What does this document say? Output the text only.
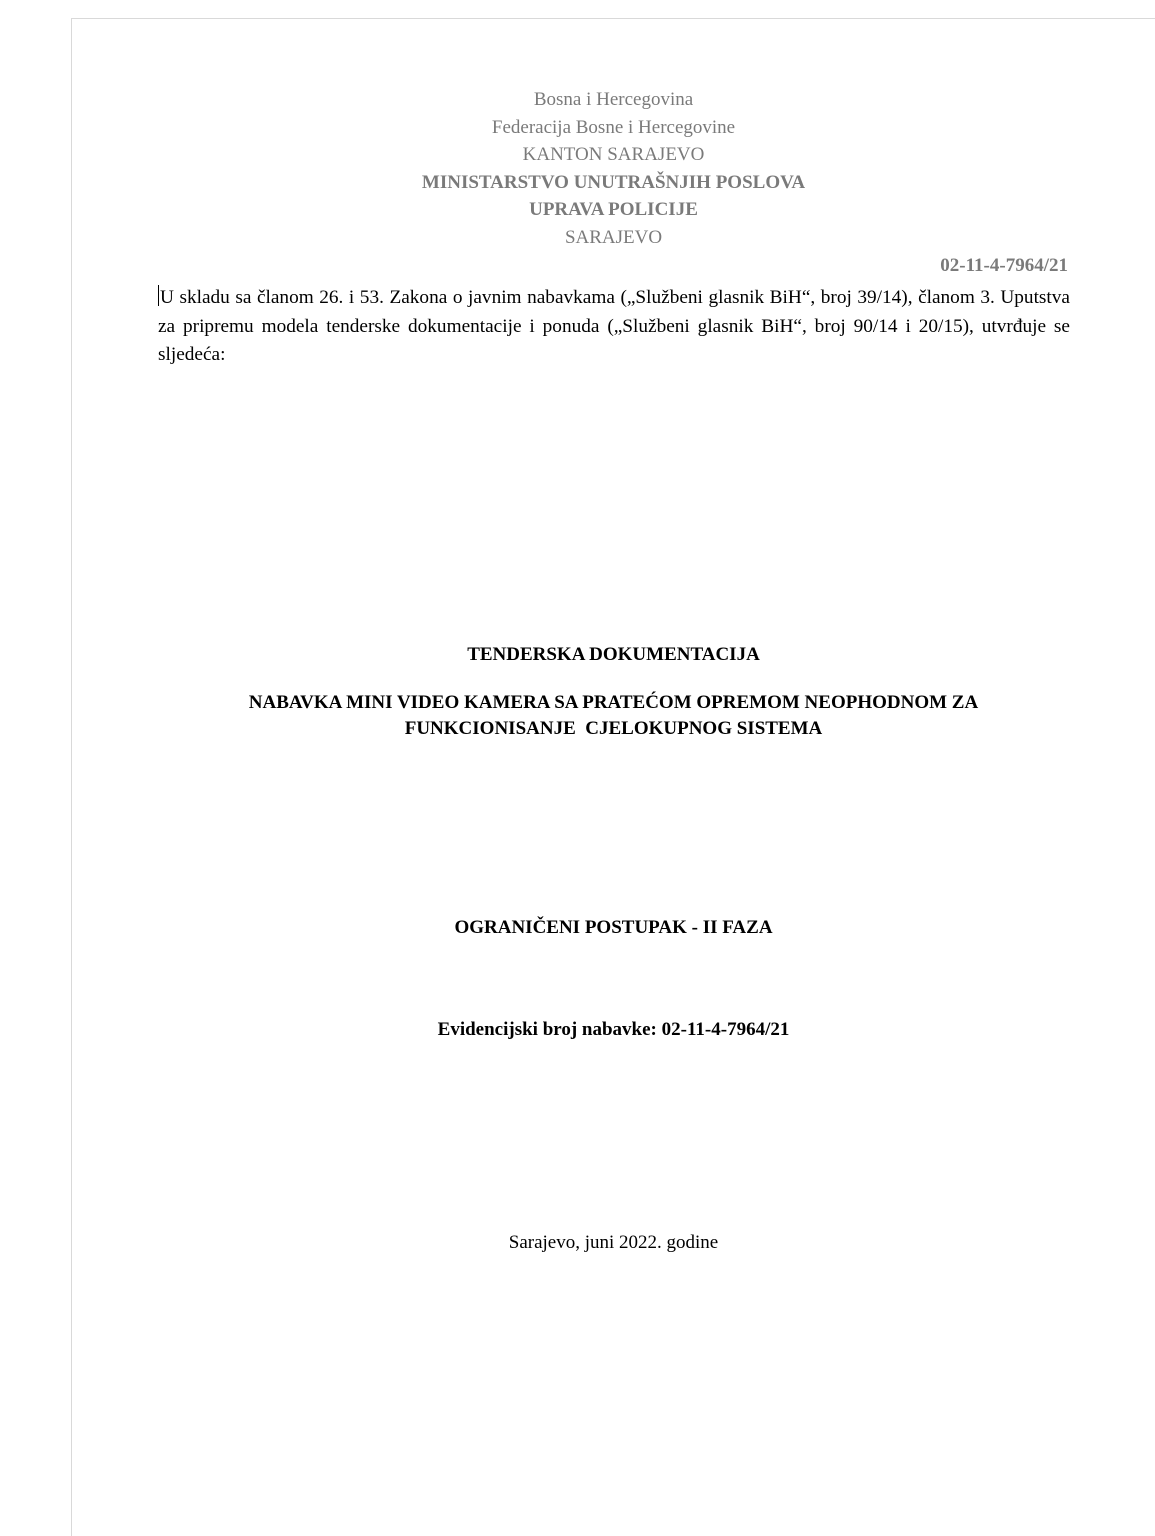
Bosna i Hercegovina
Federacija Bosne i Hercegovine
KANTON SARAJEVO
MINISTARSTVO UNUTRAŠNJIH POSLOVA
UPRAVA POLICIJE
SARAJEVO
02-11-4-7964/21
U skladu sa članom 26. i 53. Zakona o javnim nabavkama („Službeni glasnik BiH“, broj 39/14), članom 3. Uputstva za pripremu modela tenderske dokumentacije i ponuda („Službeni glasnik BiH“, broj 90/14 i 20/15), utvrđuje se sljedeća:
TENDERSKA DOKUMENTACIJA
NABAVKA MINI VIDEO KAMERA SA PRATEĆOM OPREMOM NEOPHODNOM ZA
FUNKCIONISANJE  CJELOKUPNOG SISTEMA
OGRANIČENI POSTUPAK - II FAZA
Evidencijski broj nabavke: 02-11-4-7964/21
Sarajevo, juni 2022. godine
